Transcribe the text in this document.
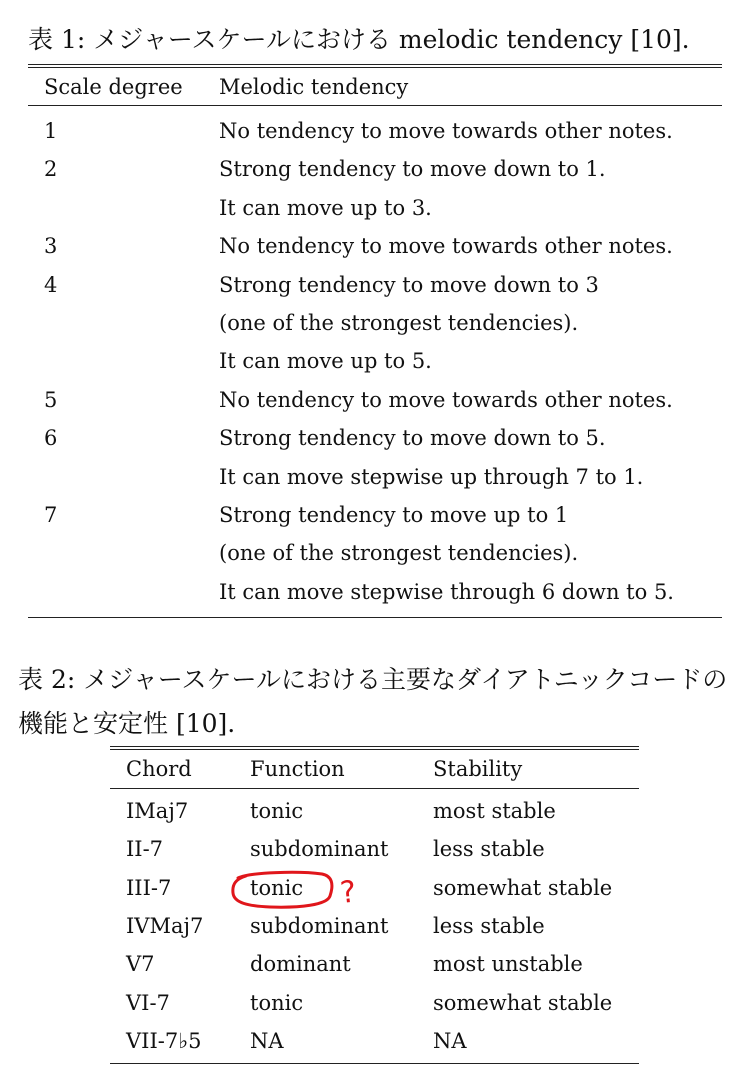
表 1: メジャースケールにおける melodic tendency [10].
Scale degree	Melodic tendency
1	No tendency to move towards other notes.
2	Strong tendency to move down to 1.
It can move up to 3.
3	No tendency to move towards other notes.
4	Strong tendency to move down to 3
(one of the strongest tendencies).
It can move up to 5.
5	No tendency to move towards other notes.
6	Strong tendency to move down to 5.
It can move stepwise up through 7 to 1.
7	Strong tendency to move up to 1
(one of the strongest tendencies).
It can move stepwise through 6 down to 5.
表 2: メジャースケールにおける主要なダイアトニックコードの機能と安定性 [10].
Chord	Function	Stability
IMaj7	tonic	most stable
II-7	subdominant	less stable
III-7	tonic	somewhat stable
IVMaj7	subdominant	less stable
V7	dominant	most unstable
VI-7	tonic	somewhat stable
VII-7♭5	NA	NA
?
